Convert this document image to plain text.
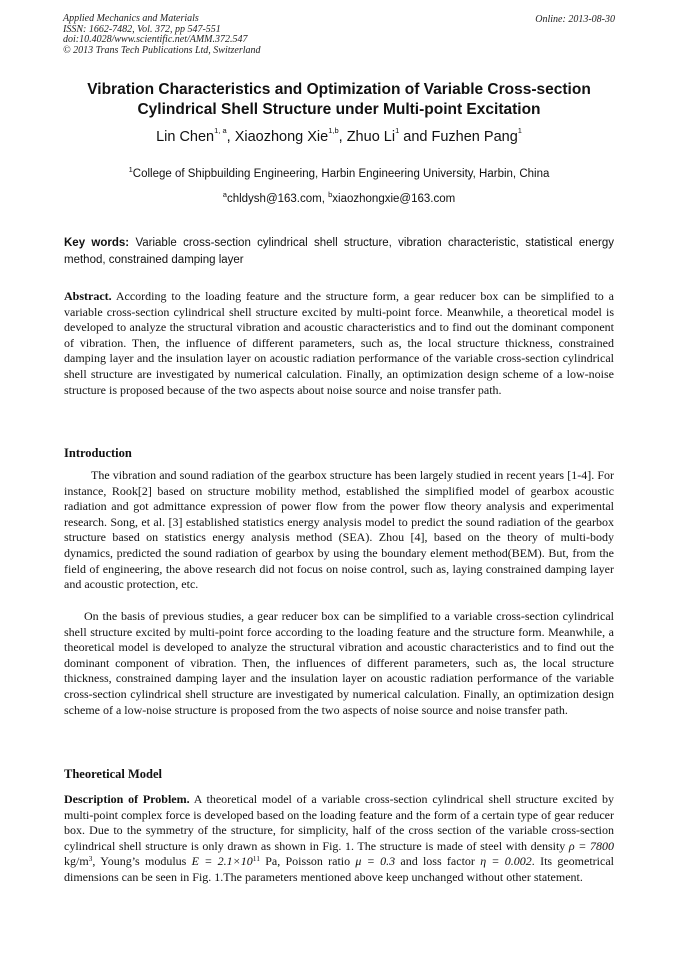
Applied Mechanics and Materials
ISSN: 1662-7482, Vol. 372, pp 547-551
doi:10.4028/www.scientific.net/AMM.372.547
© 2013 Trans Tech Publications Ltd, Switzerland
Online: 2013-08-30
Vibration Characteristics and Optimization of Variable Cross-section
Cylindrical Shell Structure under Multi-point Excitation
Lin Chen$^{1, a}$, Xiaozhong Xie$^{1,b}$, Zhuo Li$^1$ and Fuzhen Pang$^1$
$^1$College of Shipbuilding Engineering, Harbin Engineering University, Harbin, China
$^a$chldysh@163.com, $^b$xiaozhongxie@163.com
Key words: Variable cross-section cylindrical shell structure, vibration characteristic, statistical energy method, constrained damping layer
Abstract. According to the loading feature and the structure form, a gear reducer box can be simplified to a variable cross-section cylindrical shell structure excited by multi-point force. Meanwhile, a theoretical model is developed to analyze the structural vibration and acoustic characteristics and to find out the dominant component of vibration. Then, the influence of different parameters, such as, the local structure thickness, constrained damping layer and the insulation layer on acoustic radiation performance of the variable cross-section cylindrical shell structure are investigated by numerical calculation. Finally, an optimization design scheme of a low-noise structure is proposed because of the two aspects about noise source and noise transfer path.
Introduction
The vibration and sound radiation of the gearbox structure has been largely studied in recent years [1-4]. For instance, Rook[2] based on structure mobility method, established the simplified model of gearbox acoustic radiation and got admittance expression of power flow from the power flow theory analysis and experimental research. Song, et al. [3] established statistics energy analysis model to predict the sound radiation of the gearbox structure based on statistics energy analysis method (SEA). Zhou [4], based on the theory of multi-body dynamics, predicted the sound radiation of gearbox by using the boundary element method(BEM). But, from the field of engineering, the above research did not focus on noise control, such as, laying constrained damping layer and acoustic protection, etc.
On the basis of previous studies, a gear reducer box can be simplified to a variable cross-section cylindrical shell structure excited by multi-point force according to the loading feature and the structure form. Meanwhile, a theoretical model is developed to analyze the structural vibration and acoustic characteristics and to find out the dominant component of vibration. Then, the influences of different parameters, such as, the local structure thickness, constrained damping layer and the insulation layer on acoustic radiation performance of the variable cross-section cylindrical shell structure are investigated by numerical calculation. Finally, an optimization design scheme of a low-noise structure is proposed from the two aspects of noise source and noise transfer path.
Theoretical Model
Description of Problem. A theoretical model of a variable cross-section cylindrical shell structure excited by multi-point complex force is developed based on the loading feature and the form of a certain type of gear reducer box. Due to the symmetry of the structure, for simplicity, half of the cross section of the variable cross-section cylindrical shell structure is only drawn as shown in Fig. 1. The structure is made of steel with density ρ = 7800 $kg/m^3$, Young’s modulus $E = 2.1\times 10^{11}$ Pa, Poisson ratio μ = 0.3 and loss factor η = 0.002. Its geometrical dimensions can be seen in Fig. 1.The parameters mentioned above keep unchanged without other statement.
